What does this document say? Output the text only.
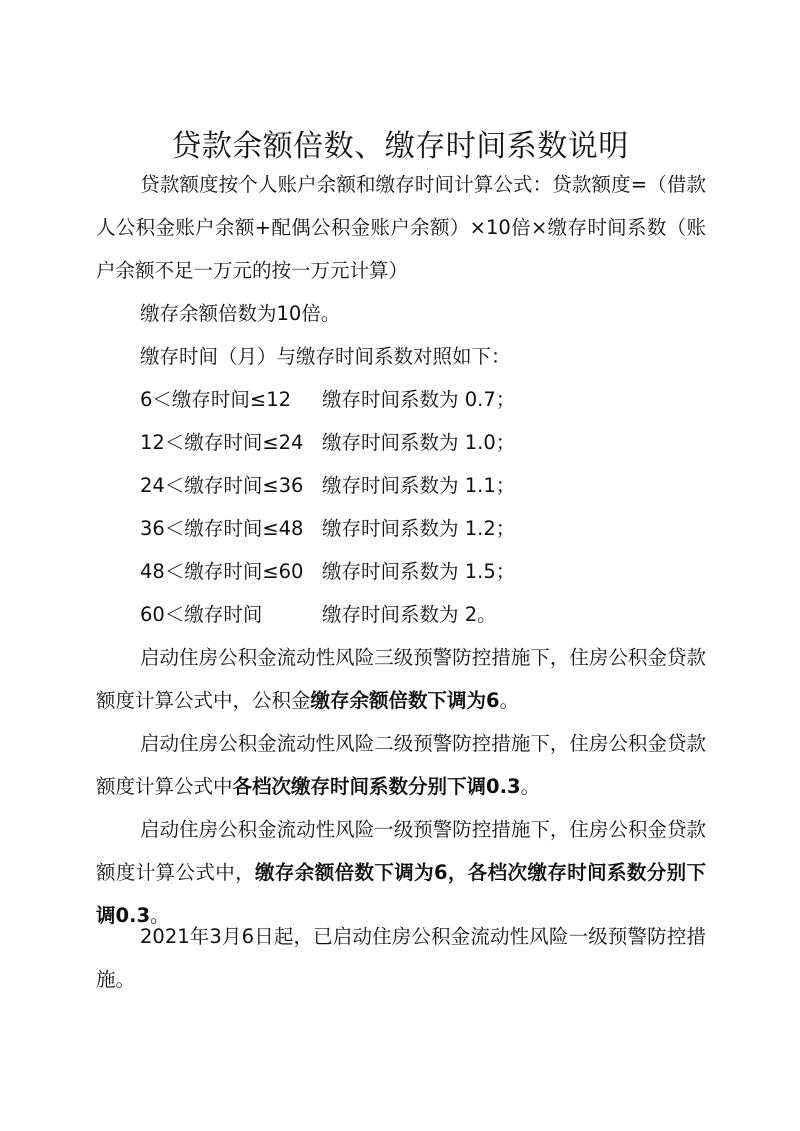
贷款余额倍数、缴存时间系数说明

贷款额度按个人账户余额和缴存时间计算公式：贷款额度=（借款人公积金账户余额+配偶公积金账户余额）×10倍×缴存时间系数（账户余额不足一万元的按一万元计算）

缴存余额倍数为10倍。

缴存时间（月）与缴存时间系数对照如下：

6＜缴存时间≤12 缴存时间系数为 0.7；

12＜缴存时间≤24 缴存时间系数为 1.0；

24＜缴存时间≤36 缴存时间系数为 1.1；

36＜缴存时间≤48 缴存时间系数为 1.2；

48＜缴存时间≤60 缴存时间系数为 1.5；

60＜缴存时间	缴存时间系数为 2。

启动住房公积金流动性风险三级预警防控措施下，住房公积金贷款额度计算公式中，公积金缴存余额倍数下调为6。

启动住房公积金流动性风险二级预警防控措施下，住房公积金贷款额度计算公式中各档次缴存时间系数分别下调0.3。

启动住房公积金流动性风险一级预警防控措施下，住房公积金贷款额度计算公式中，缴存余额倍数下调为6，各档次缴存时间系数分别下调0.3。

2021年3月6日起，已启动住房公积金流动性风险一级预警防控措施。
